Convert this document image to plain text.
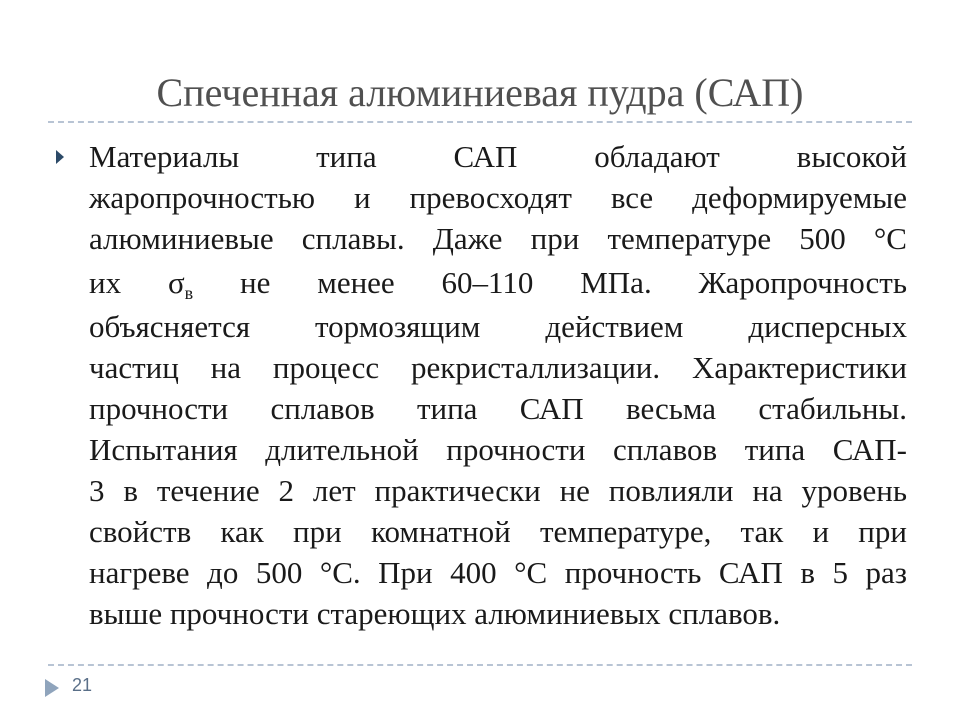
Спеченная алюминиевая пудра (САП)

Материалы типа САП обладают высокой
жаропрочностью и превосходят все деформируемые
алюминиевые сплавы. Даже при температуре 500 °С
их σв не менее 60–110 МПа. Жаропрочность
объясняется тормозящим действием дисперсных
частиц на процесс рекристаллизации. Характеристики
прочности сплавов типа САП весьма стабильны.
Испытания длительной прочности сплавов типа САП-
3 в течение 2 лет практически не повлияли на уровень
свойств как при комнатной температуре, так и при
нагреве до 500 °С. При 400 °С прочность САП в 5 раз
выше прочности стареющих алюминиевых сплавов.

21
